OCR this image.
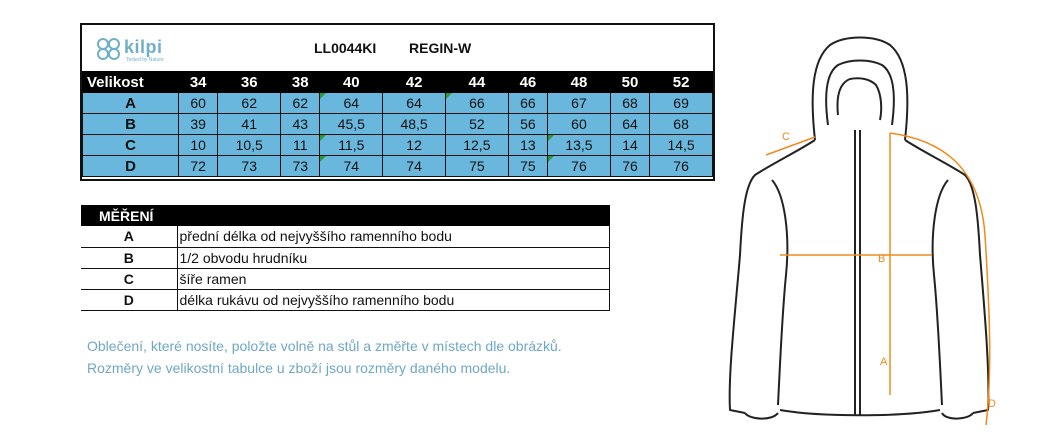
kilpi
Tested by Nature
LL0044KI REGIN-W
Velikost	34	36	38	40	42	44	46	48	50	52
A	60	62	62	64	64	66	66	67	68	69
B	39	41	43	45,5	48,5	52	56	60	64	68
C	10	10,5	11	11,5	12	12,5	13	13,5	14	14,5
D	72	73	73	74	74	75	75	76	76	76
MĚŘENÍ	
A	přední délka od nejvyššího ramenního bodu
B	1/2 obvodu hrudníku
C	šíře ramen
D	délka rukávu od nejvyššího ramenního bodu
Oblečení, které nosíte, položte volně na stůl a změřte v místech dle obrázků.
Rozměry ve velikostní tabulce u zboží jsou rozměry daného modelu.
C
B
A
D
